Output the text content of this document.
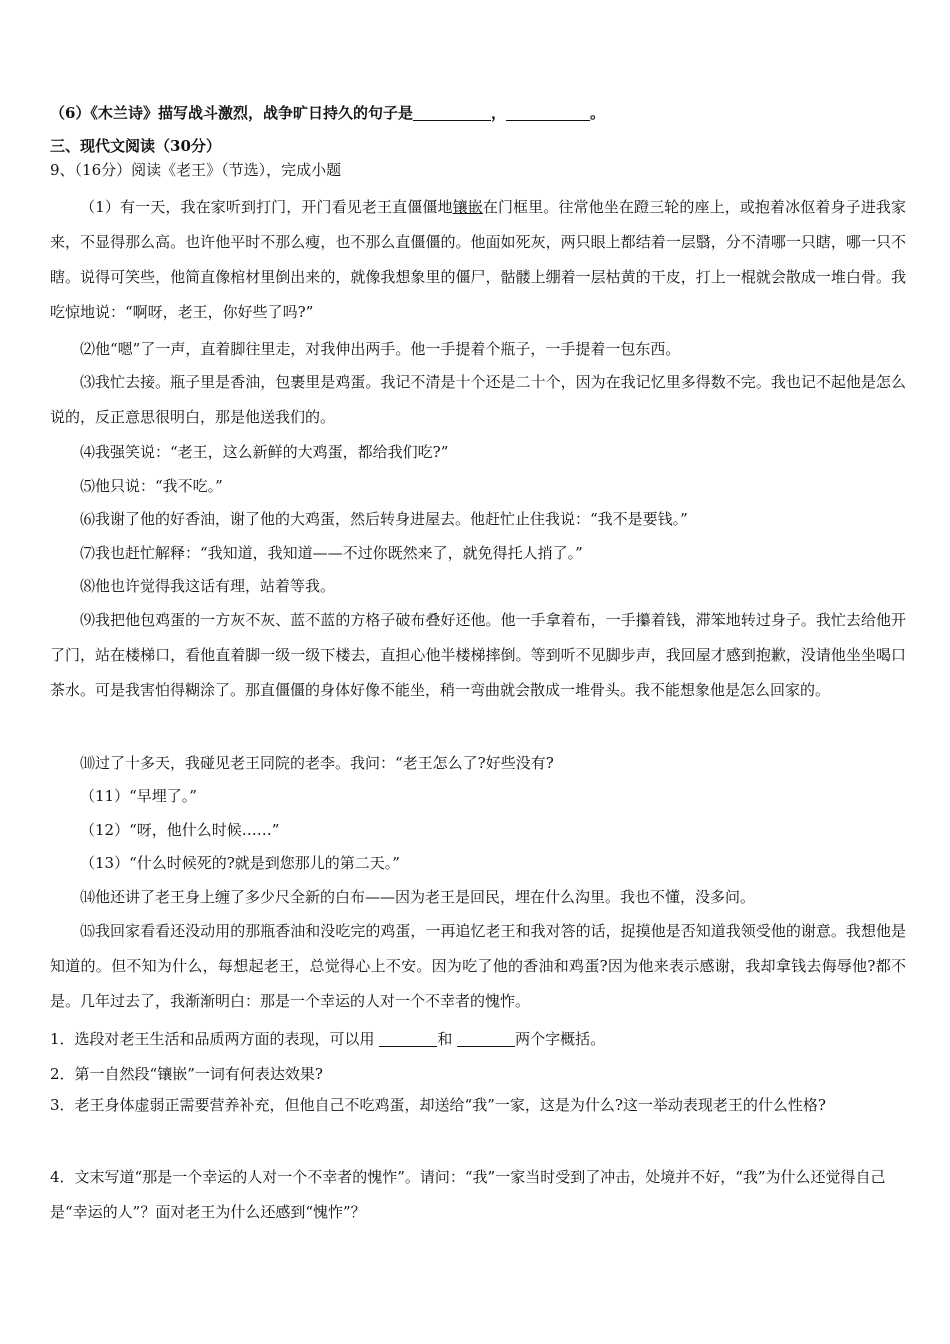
（6）《木兰诗》描写战斗激烈，战争旷日持久的句子是	，	。
三、现代文阅读（30分）
9、（16分）阅读《老王》（节选），完成小题
（1）有一天，我在家听到打门，开门看见老王直僵僵地镶嵌在门框里。往常他坐在蹬三轮的座上，或抱着冰伛着身子进我家来，不显得那么高。也许他平时不那么瘦，也不那么直僵僵的。他面如死灰，两只眼上都结着一层翳，分不清哪一只瞎，哪一只不瞎。说得可笑些，他简直像棺材里倒出来的，就像我想象里的僵尸，骷髅上绷着一层枯黄的干皮，打上一棍就会散成一堆白骨。我吃惊地说：“啊呀，老王，你好些了吗?”
⑵他“嗯”了一声，直着脚往里走，对我伸出两手。他一手提着个瓶子，一手提着一包东西。
⑶我忙去接。瓶子里是香油，包裹里是鸡蛋。我记不清是十个还是二十个，因为在我记忆里多得数不完。我也记不起他是怎么说的，反正意思很明白，那是他送我们的。
⑷我强笑说：“老王，这么新鲜的大鸡蛋，都给我们吃?”
⑸他只说：“我不吃。”
⑹我谢了他的好香油，谢了他的大鸡蛋，然后转身进屋去。他赶忙止住我说：“我不是要钱。”
⑺我也赶忙解释：“我知道，我知道——不过你既然来了，就免得托人捎了。”
⑻他也许觉得我这话有理，站着等我。
⑼我把他包鸡蛋的一方灰不灰、蓝不蓝的方格子破布叠好还他。他一手拿着布，一手攥着钱，滞笨地转过身子。我忙去给他开了门，站在楼梯口，看他直着脚一级一级下楼去，直担心他半楼梯摔倒。等到听不见脚步声，我回屋才感到抱歉，没请他坐坐喝口茶水。可是我害怕得糊涂了。那直僵僵的身体好像不能坐，稍一弯曲就会散成一堆骨头。我不能想象他是怎么回家的。
⑽过了十多天，我碰见老王同院的老李。我问：“老王怎么了?好些没有?
（11）“早埋了。”
（12）“呀，他什么时候……”
（13）“什么时候死的?就是到您那儿的第二天。”
⒁他还讲了老王身上缠了多少尺全新的白布——因为老王是回民，埋在什么沟里。我也不懂，没多问。
⒂我回家看看还没动用的那瓶香油和没吃完的鸡蛋，一再追忆老王和我对答的话，捉摸他是否知道我领受他的谢意。我想他是知道的。但不知为什么，每想起老王，总觉得心上不安。因为吃了他的香油和鸡蛋?因为他来表示感谢，我却拿钱去侮辱他?都不是。几年过去了，我渐渐明白：那是一个幸运的人对一个不幸者的愧怍。
1．选段对老王生活和品质两方面的表现，可以用	和	两个字概括。
2．第一自然段“镶嵌”一词有何表达效果?
3．老王身体虚弱正需要营养补充，但他自己不吃鸡蛋，却送给“我”一家，这是为什么?这一举动表现老王的什么性格?
4．文末写道“那是一个幸运的人对一个不幸者的愧怍”。请问：“我”一家当时受到了冲击，处境并不好，“我”为什么还觉得自己是“幸运的人”？面对老王为什么还感到“愧怍”？
